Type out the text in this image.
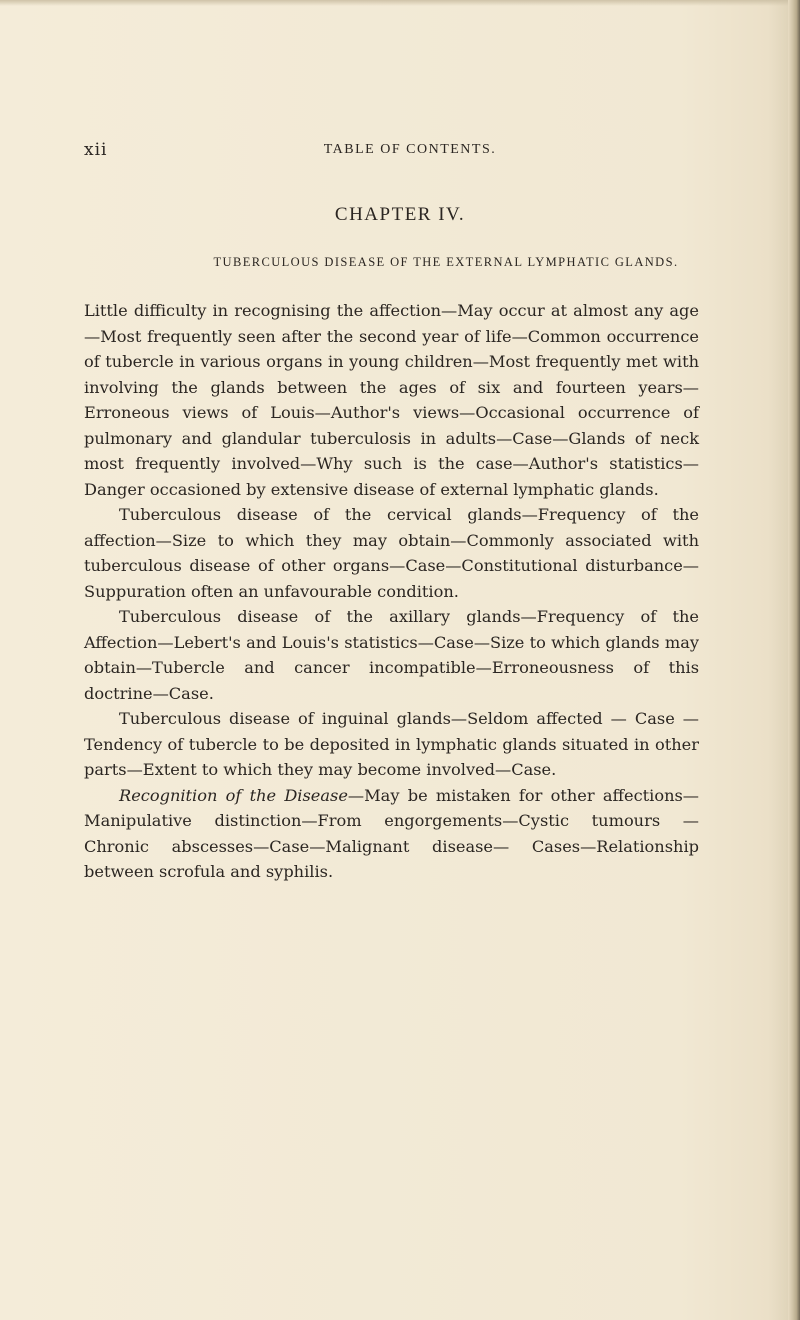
xii	TABLE OF CONTENTS.
CHAPTER IV.
TUBERCULOUS DISEASE OF THE EXTERNAL LYMPHATIC GLANDS.

Little difficulty in recognising the affection—May occur at almost any age—Most frequently seen after the second year of life—Common occurrence of tubercle in various organs in young children—Most frequently met with involving the glands between the ages of six and fourteen years—Erroneous views of Louis—Author's views—Occasional occurrence of pulmonary and glandular tuberculosis in adults—Case—Glands of neck most frequently involved—Why such is the case—Author's statistics—Danger occasioned by extensive disease of external lymphatic glands.

Tuberculous disease of the cervical glands—Frequency of the affection—Size to which they may obtain—Commonly associated with tuberculous disease of other organs—Case—Constitutional disturbance—Suppuration often an unfavourable condition.

Tuberculous disease of the axillary glands—Frequency of the Affection—Lebert's and Louis's statistics—Case—Size to which glands may obtain—Tubercle and cancer incompatible—Erroneousness of this doctrine—Case.

Tuberculous disease of inguinal glands—Seldom affected — Case — Tendency of tubercle to be deposited in lymphatic glands situated in other parts—Extent to which they may become involved—Case.

Recognition of the Disease—May be mistaken for other affections—Manipulative distinction—From engorgements—Cystic tumours — Chronic abscesses—Case—Malignant disease— Cases—Relationship between scrofula and syphilis.
